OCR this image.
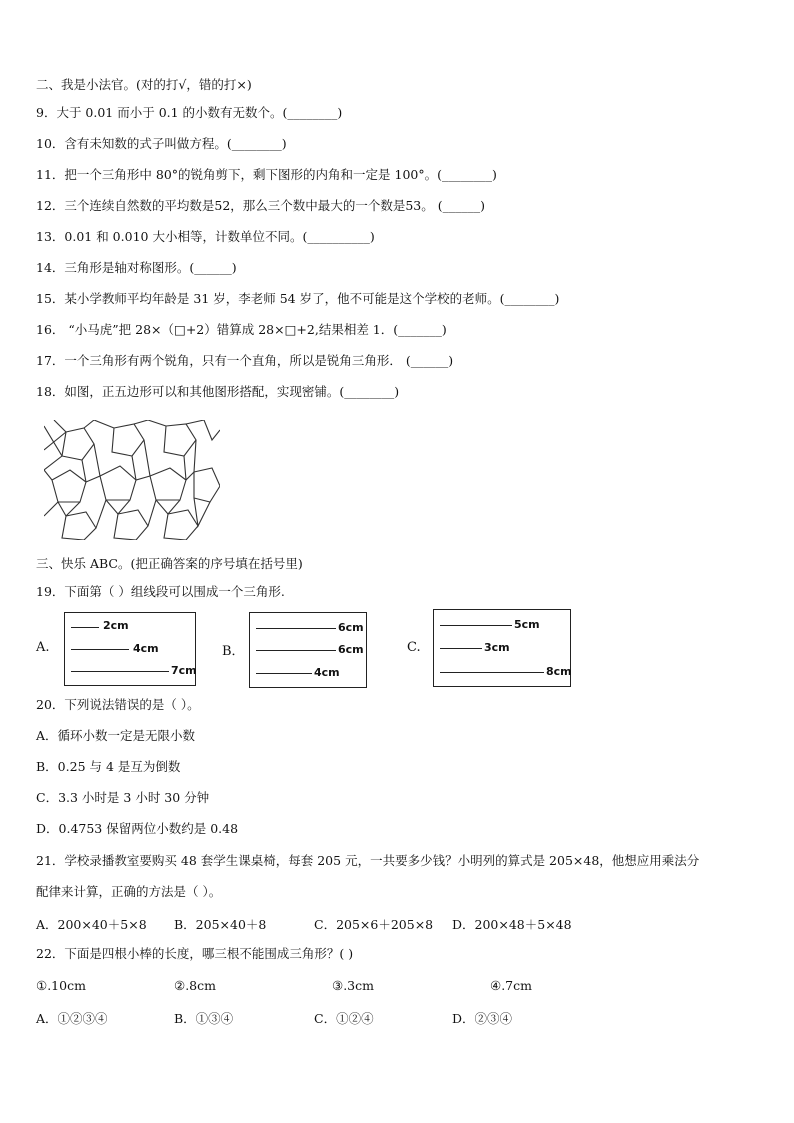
二、我是小法官。(对的打√，错的打×)
9．大于 0.01 而小于 0.1 的小数有无数个。(________)
10．含有未知数的式子叫做方程。(________)
11．把一个三角形中 80°的锐角剪下，剩下图形的内角和一定是 100°。(________)
12．三个连续自然数的平均数是52，那么三个数中最大的一个数是53。 (______)
13．0.01 和 0.010 大小相等，计数单位不同。(__________)
14．三角形是轴对称图形。(______)
15．某小学教师平均年龄是 31 岁，李老师 54 岁了，他不可能是这个学校的老师。(________)
16． “小马虎”把 28×（□+2）错算成 28×□+2,结果相差 1．(_______)
17．一个三角形有两个锐角，只有一个直角，所以是锐角三角形． (______)
18．如图，正五边形可以和其他图形搭配，实现密铺。(________)
三、快乐 ABC。(把正确答案的序号填在括号里)
19．下面第（ ）组线段可以围成一个三角形.
A.
2cm
4cm
7cm
B．
6cm
6cm
4cm
C.
5cm
3cm
8cm
20．下列说法错误的是（ ）。
A．循环小数一定是无限小数
B．0.25 与 4 是互为倒数
C．3.3 小时是 3 小时 30 分钟
D．0.4753 保留两位小数约是 0.48
21．学校录播教室要购买 48 套学生课桌椅，每套 205 元，一共要多少钱？小明列的算式是 205×48，他想应用乘法分
配律来计算，正确的方法是（ ）。
A．200×40＋5×8 B．205×40＋8	C．205×6＋205×8 D．200×48＋5×48
22．下面是四根小棒的长度，哪三根不能围成三角形？( )
①.10cm	②.8cm	③.3cm	④.7cm
A．①②③④	B．①③④	C．①②④	D．②③④
